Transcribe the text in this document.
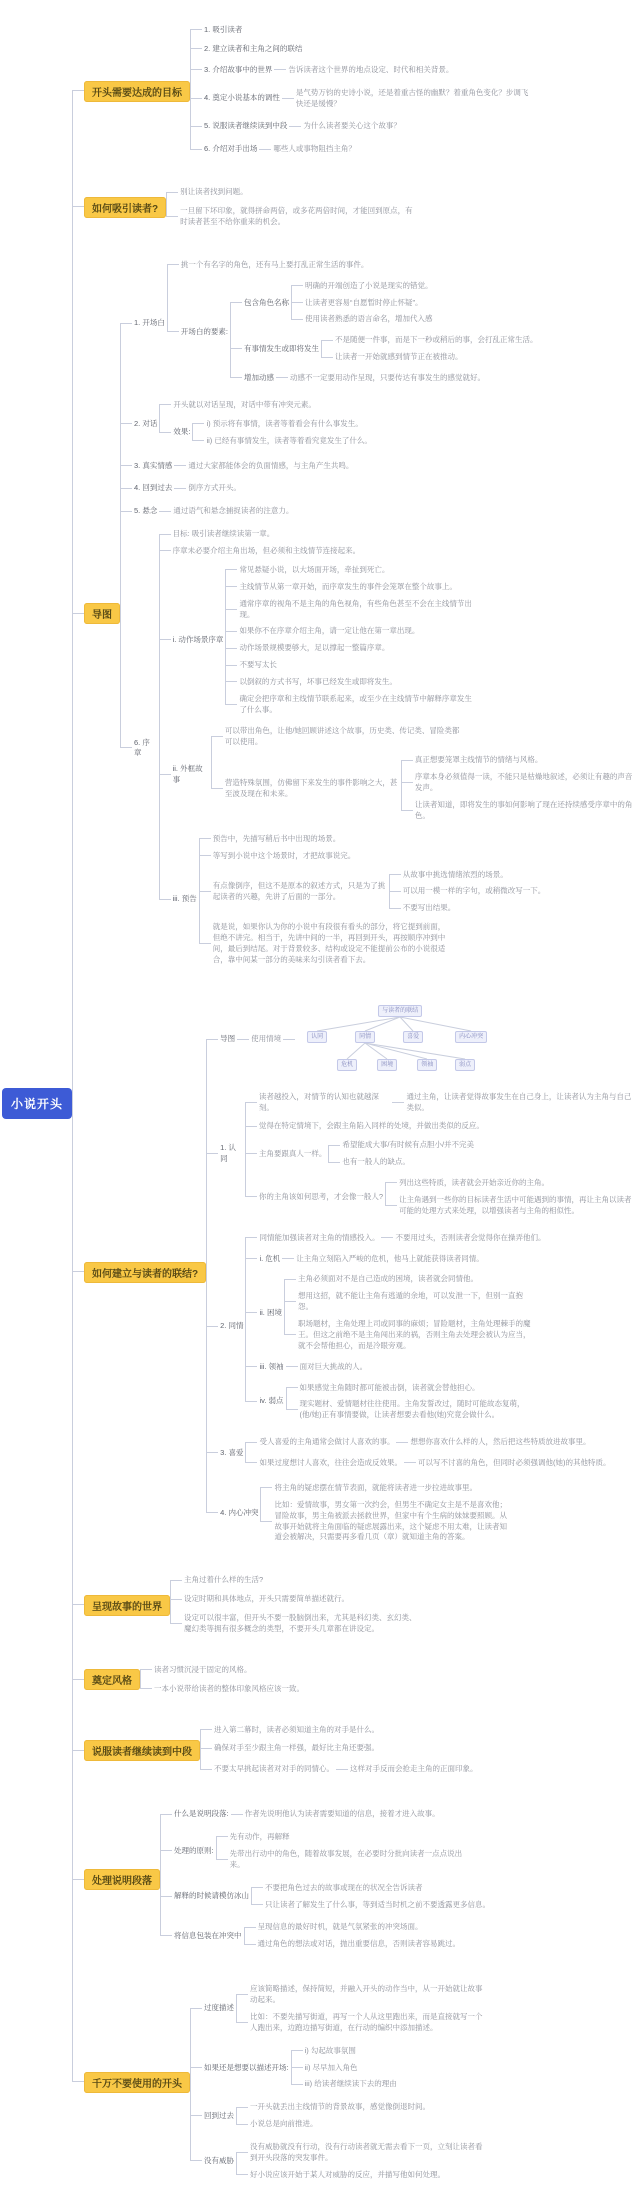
小说开头
开头需要达成的目标
1. 吸引读者
2. 建立读者和主角之间的联结
3. 介绍故事中的世界 告诉读者这个世界的地点设定、时代和相关背景。
4. 奠定小说基本的调性
是气势万钧的史诗小说，还是着重古怪的幽默？着重角色变化？步调飞快还是缓慢？
5. 说服读者继续读到中段 为什么读者要关心这个故事？
6. 介绍对手出场 哪些人或事物阻挡主角？
如何吸引读者?
别让读者找到问题。
一旦留下坏印象，就得拼命两倍，或多花两倍时间，才能回到原点，有时读者甚至不给你重来的机会。
导图
1. 开场白
挑一个有名字的角色，还有马上要打乱正常生活的事件。
开场白的要素:
包含角色名称
明确的开端创造了小说是现实的错觉。
让读者更容易“自愿暂时停止怀疑”。
使用读者熟悉的语言命名，增加代入感
有事情发生或即将发生
不是随便一件事，而是下一秒或稍后的事，会打乱正常生活。
让读者一开始就感到情节正在被推动。
增加动感 动感不一定要用动作呈现，只要传达有事发生的感觉就好。
2. 对话
开头就以对话呈现，对话中带有冲突元素。
效果:
i) 预示将有事情，读者等着看会有什么事发生。
ii) 已经有事情发生，读者等着看究竟发生了什么。
3. 真实情感 通过大家都能体会的负面情感，与主角产生共鸣。
4. 回到过去 倒序方式开头。
5. 悬念 通过语气和悬念捕捉读者的注意力。
6. 序章
目标: 吸引读者继续读第一章。
序章未必要介绍主角出场，但必须和主线情节连接起来。
i. 动作场景序章
常见悬疑小说，以大场面开场，牵扯到死亡。
主线情节从第一章开始，而序章发生的事件会笼罩在整个故事上。
通常序章的视角不是主角的角色视角，有些角色甚至不会在主线情节出现。
如果你不在序章介绍主角，请一定让他在第一章出现。
动作场景规模要够大，足以撑起一整篇序章。
不要写太长
以倒叙的方式书写，坏事已经发生或即将发生。
确定会把序章和主线情节联系起来，或至少在主线情节中解释序章发生了什么事。
ii. 外框故事
可以带出角色，让他/她回顾讲述这个故事，历史类、传记类、冒险类都可以使用。
营造特殊氛围，仿佛留下来发生的事件影响之大，甚至波及现在和未来。
真正想要笼罩主线情节的情绪与风格。
序章本身必须值得一读，不能只是枯燥地叙述，必须让有趣的声音发声。
让读者知道，即将发生的事如何影响了现在还持续感受序章中的角色。
iii. 预告
预告中，先描写稍后书中出现的场景。
等写到小说中这个场景时，才把故事说完。
有点像倒序，但这不是原本的叙述方式，只是为了挑起读者的兴趣，先讲了后面的一部分。
从故事中挑选情绪浓烈的场景。
可以用一模一样的字句，或稍微改写一下。
不要写出结果。
就是说，如果你认为你的小说中有段很有看头的部分，将它提到前面，但绝不讲完。相当于，先讲中间的一半，再回到开头，再按顺序冲到中间，最后到结尾。对于背景较多、结构或设定不能提前公布的小说很适合，靠中间某一部分的美味来勾引读者看下去。
如何建立与读者的联结?
导图 使用情境
与读者的联结
认同	同情	喜爱	内心冲突
危机	困境	领袖	弱点
1. 认同
读者越投入，对情节的认知也就越深刻。
通过主角，让读者觉得故事发生在自己身上，让读者认为主角与自己类似。
觉得在特定情境下，会跟主角陷入同样的处境，并做出类似的反应。
主角要跟真人一样。
希望能成大事/有时候有点胆小/并不完美
也有一般人的缺点。
你的主角该如何思考，才会像一般人?
列出这些特质，读者就会开始亲近你的主角。
让主角遇到一些你的目标读者生活中可能遇到的事情，再让主角以读者可能的处理方式来处理，以增强读者与主角的相似性。
2. 同情
同情能加强读者对主角的情感投入。 不要用过头，否则读者会觉得你在操弄他们。
i. 危机 让主角立刻陷入严峻的危机，他马上就能获得读者同情。
ii. 困境
主角必须面对不是自己造成的困境，读者就会同情他。
想用这招，就不能让主角有逃遁的余地，可以发泄一下，但别一直抱怨。
职场题材，主角处理上司或同事的麻烦；冒险题材，主角处理棘手的魔王。但这之前绝不是主角闯出来的祸，否则主角去处理会被认为应当，就不会帮他担心，而是冷眼旁观。
iii. 领袖 面对巨大挑战的人。
iv. 弱点
如果感觉主角随时都可能被击倒，读者就会替他担心。
现实题材、爱情题材往往使用。主角发誓改过，随时可能故态复萌，(他/她)正有事情要做，让读者想要去看他(她)究竟会做什么。
3. 喜爱
受人喜爱的主角通常会做讨人喜欢的事。 想想你喜欢什么样的人，然后把这些特质放进故事里。
如果过度想讨人喜欢，往往会造成反效果。 可以写不讨喜的角色，但同时必须强调他(她)的其他特质。
4. 内心冲突
将主角的疑虑摆在情节表面，就能将读者进一步拉进故事里。
比如：爱情故事，男女第一次约会，但男生不确定女主是不是喜欢他；冒险故事，男主角被派去拯救世界，但家中有个生病的妹妹要照顾。从故事开始就将主角面临的疑虑展露出来，这个疑虑不用太难，让读者知道会被解决，只需要再多看几页（章）就知道主角的答案。
呈现故事的世界
主角过着什么样的生活?
设定时期和具体地点，开头只需要简单描述就行。
设定可以很丰富，但开头不要一股脑倒出来，尤其是科幻类、玄幻类、魔幻类等拥有很多概念的类型，不要开头几章都在讲设定。
奠定风格
读者习惯沉浸于固定的风格。
一本小说带给读者的整体印象风格应该一致。
说服读者继续读到中段
进入第二幕时，读者必须知道主角的对手是什么。
确保对手至少跟主角一样强，最好比主角还要强。
不要太早挑起读者对对手的同情心。 这样对手反而会抢走主角的正面印象。
处理说明段落
什么是说明段落: 作者先说明他认为读者需要知道的信息，接着才进入故事。
处理的原则:
先有动作，再解释
先带出行动中的角色，随着故事发展，在必要时分批向读者一点点说出来。
解释的时候请模仿冰山
不要把角色过去的故事或现在的状况全告诉读者
只让读者了解发生了什么事，等到适当时机之前不要透露更多信息。
将信息包装在冲突中
呈现信息的最好时机，就是气氛紧张的冲突场面。
通过角色的想法或对话，抛出重要信息，否则读者容易跳过。
千万不要使用的开头
过度描述
应该简略描述，保持简短，并融入开头的动作当中，从一开始就让故事动起来。
比如：不要先描写街道，再写一个人从这里跑出来，而是直接就写一个人跑出来，边跑边描写街道，在行动的编织中添加描述。
如果还是想要以描述开场:
i) 勾起故事氛围
ii) 尽早加入角色
iii) 给读者继续读下去的理由
回到过去
一开头就丢出主线情节的背景故事，感觉像倒退时间。
小说总是向前推进。
没有威胁
没有威胁就没有行动，没有行动读者就无需去看下一页，立刻让读者看到开头段落的突发事件。
好小说应该开始于某人对威胁的反应，并描写他如何处理。
